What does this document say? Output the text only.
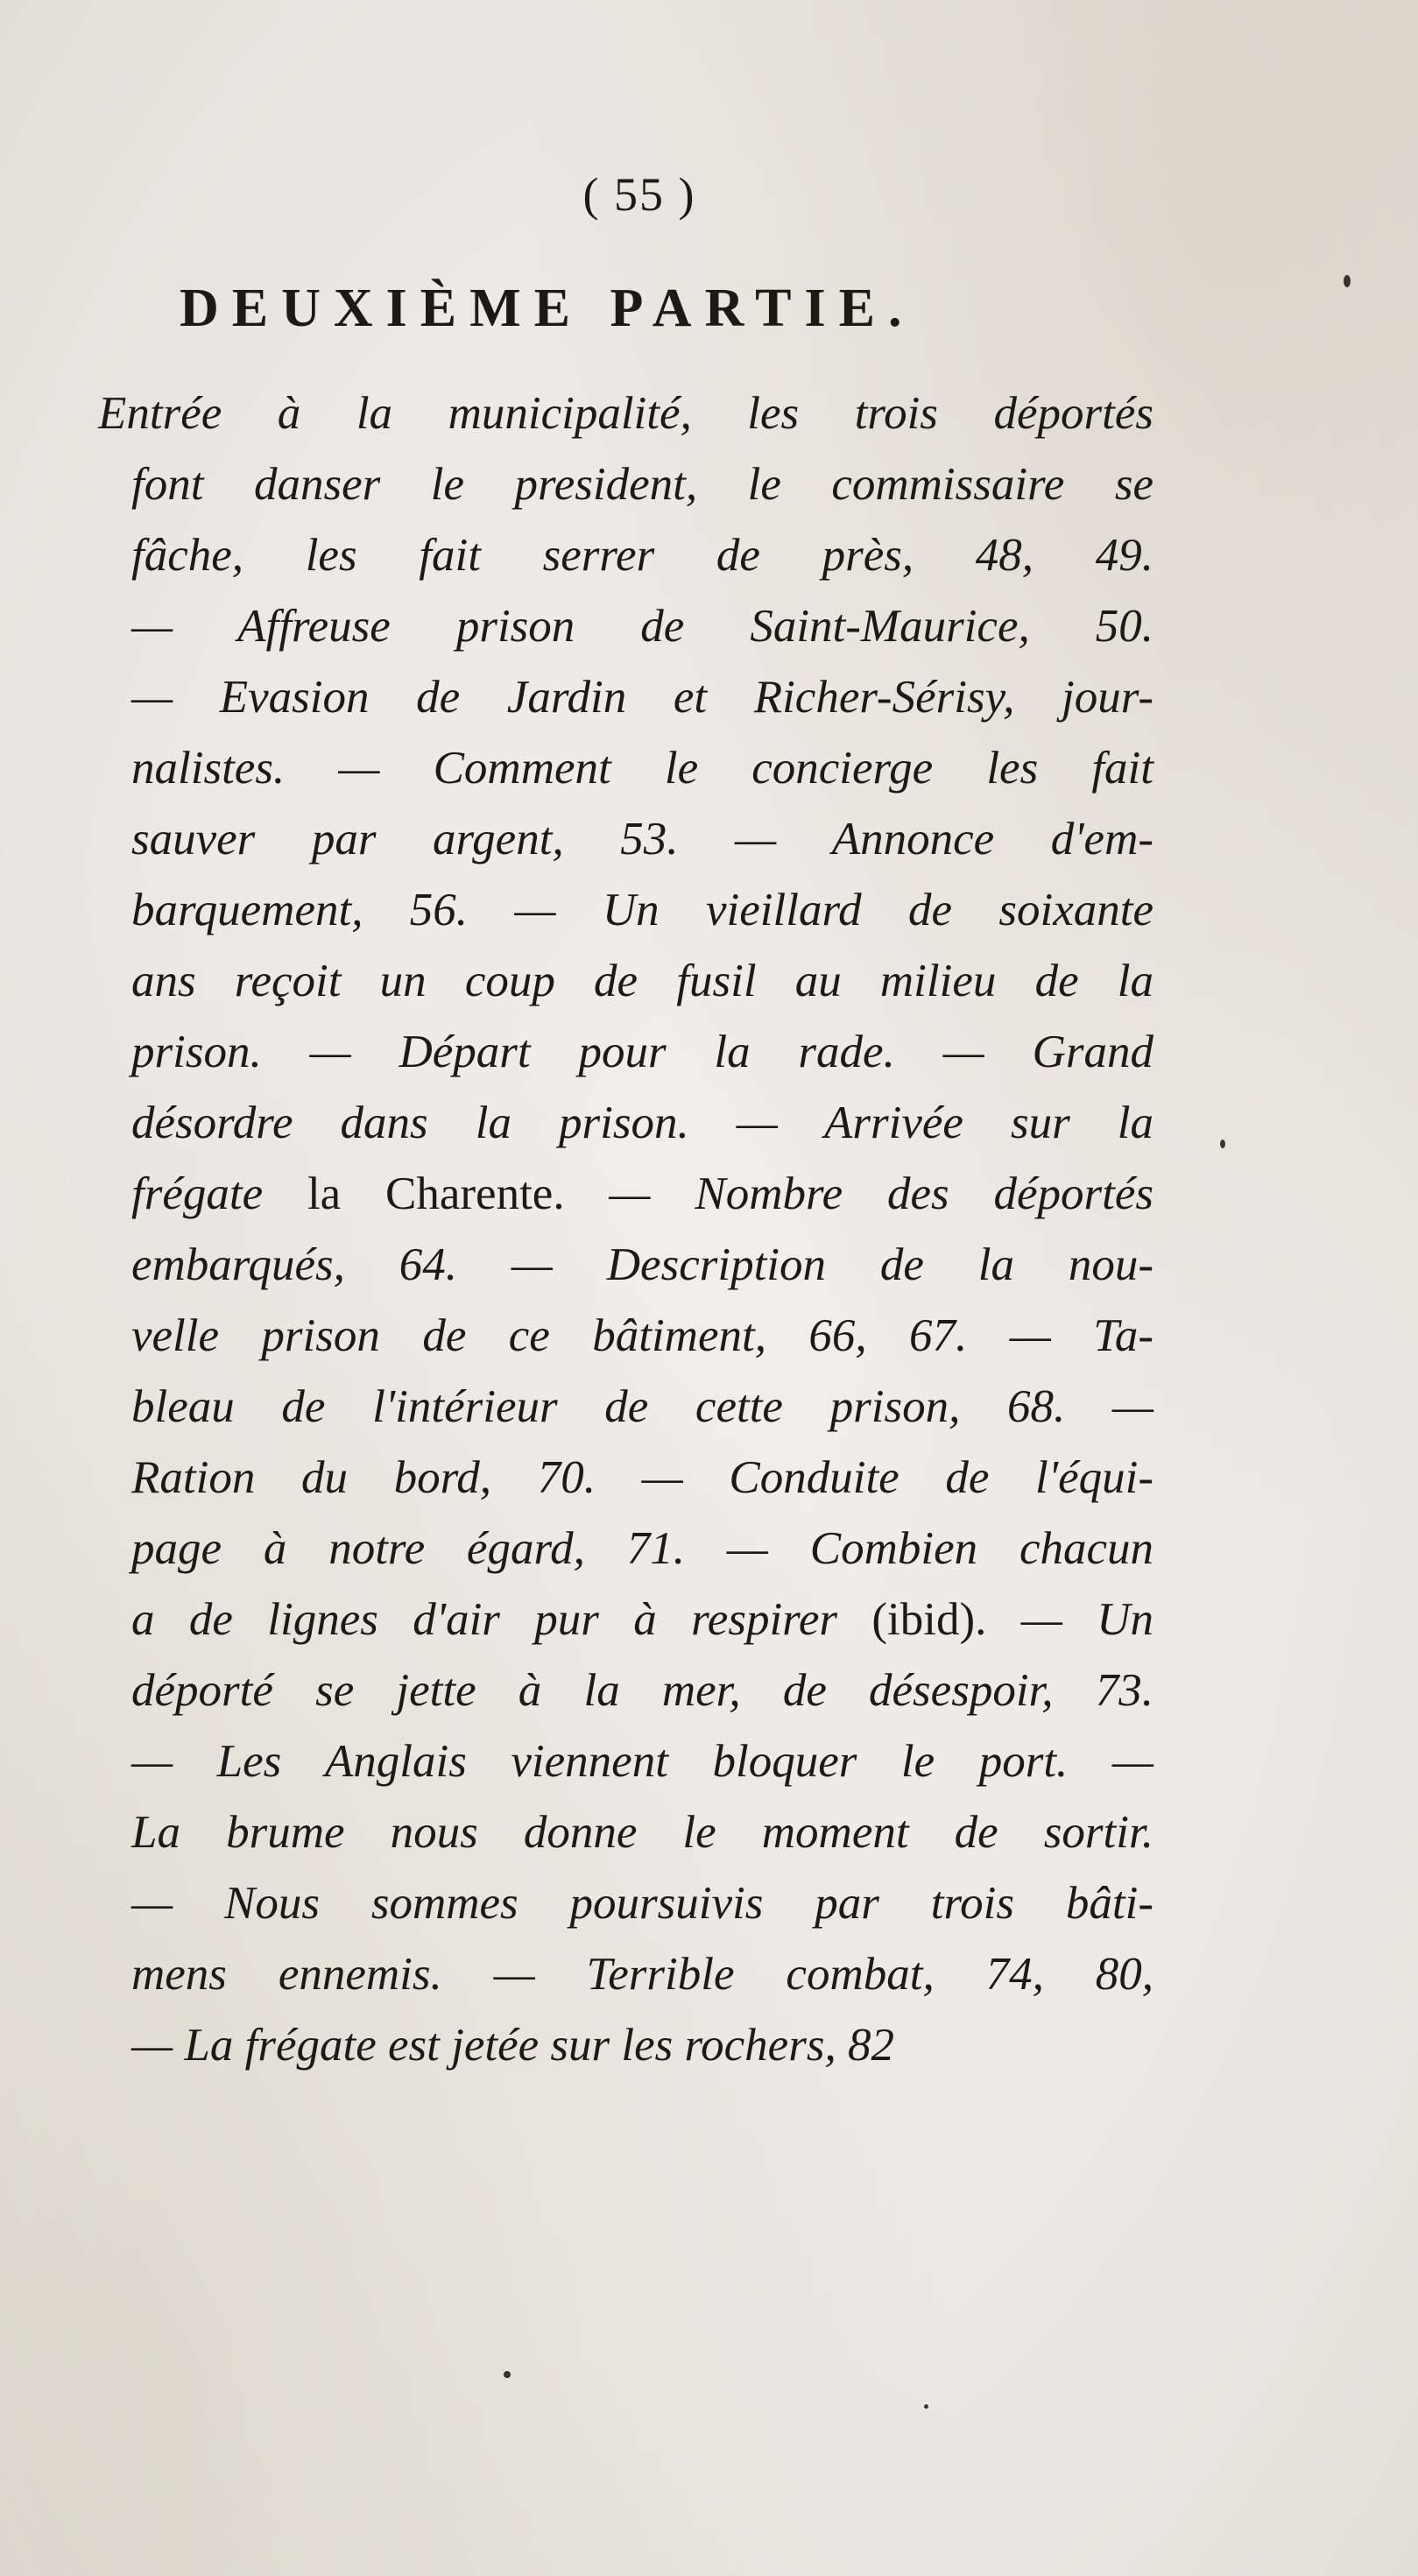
( 55 )
DEUXIÈME PARTIE.
Entrée à la municipalité, les trois déportés
font danser le president, le commissaire se
fâche, les fait serrer de près, 48, 49.
— Affreuse prison de Saint-Maurice, 50.
— Evasion de Jardin et Richer-Sérisy, jour-
nalistes. — Comment le concierge les fait
sauver par argent, 53. — Annonce d'em-
barquement, 56. — Un vieillard de soixante
ans reçoit un coup de fusil au milieu de la
prison. — Départ pour la rade. — Grand
désordre dans la prison. — Arrivée sur la
frégate la Charente. — Nombre des déportés
embarqués, 64. — Description de la nou-
velle prison de ce bâtiment, 66, 67. — Ta-
bleau de l'intérieur de cette prison, 68. —
Ration du bord, 70. — Conduite de l'équi-
page à notre égard, 71. — Combien chacun
a de lignes d'air pur à respirer (ibid). — Un
déporté se jette à la mer, de désespoir, 73.
— Les Anglais viennent bloquer le port. —
La brume nous donne le moment de sortir.
— Nous sommes poursuivis par trois bâti-
mens ennemis. — Terrible combat, 74, 80,
— La frégate est jetée sur les rochers, 82
